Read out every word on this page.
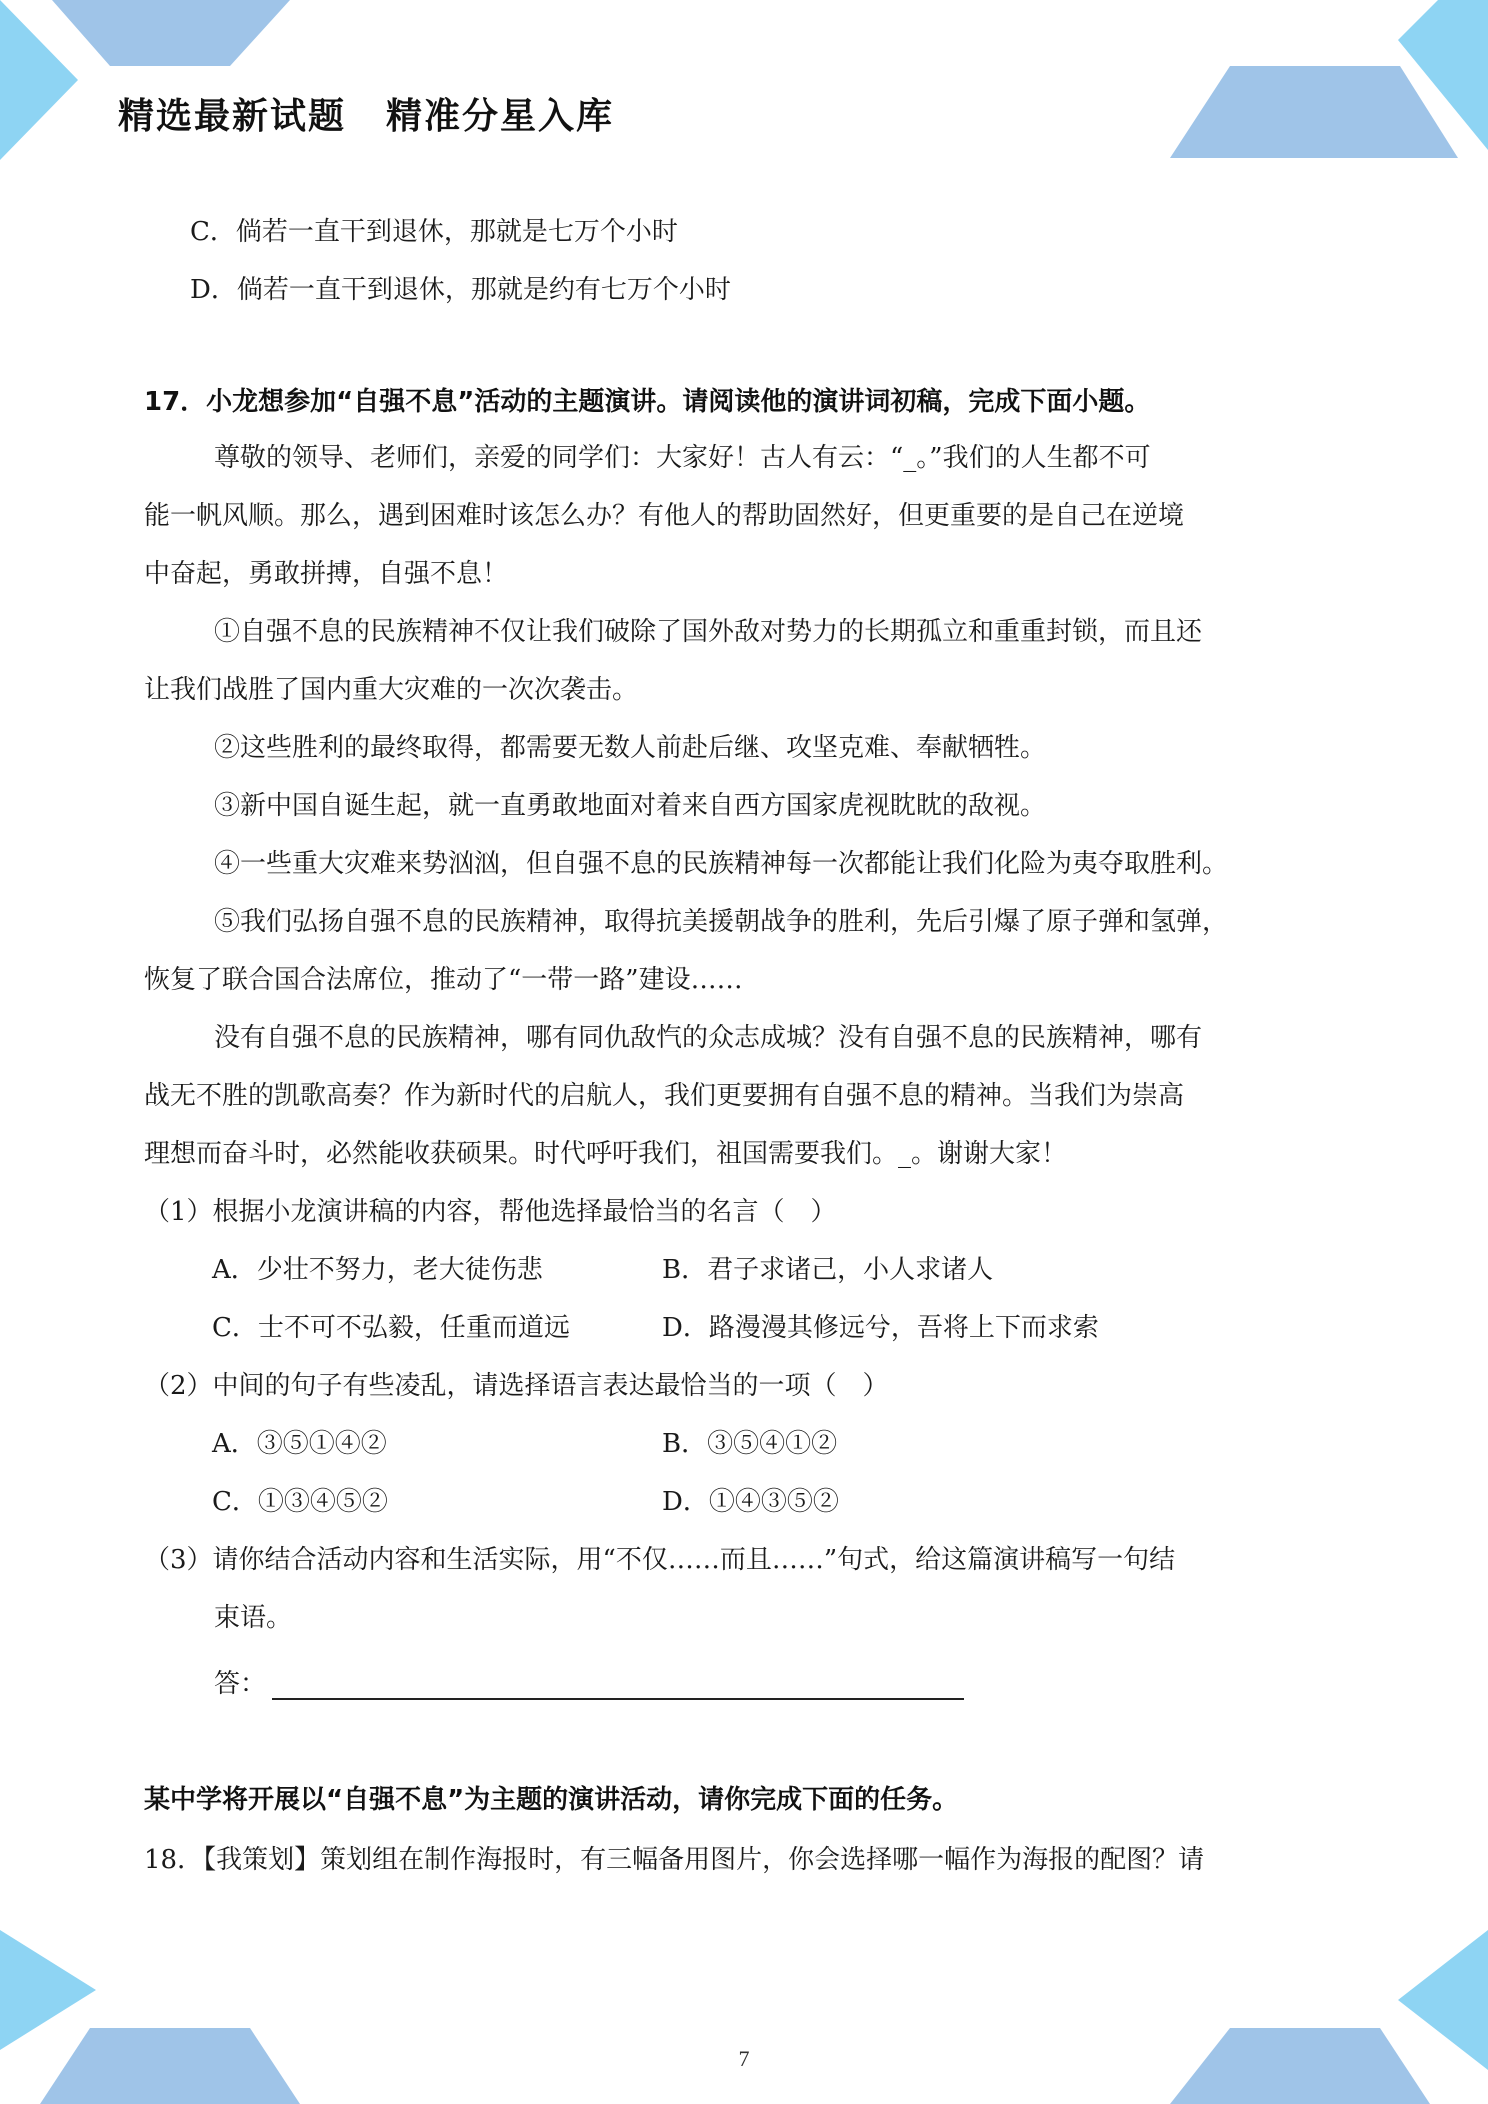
精选最新试题 精准分星入库
C．倘若一直干到退休，那就是七万个小时
D．倘若一直干到退休，那就是约有七万个小时
17．小龙想参加“自强不息”活动的主题演讲。请阅读他的演讲词初稿，完成下面小题。
尊敬的领导、老师们，亲爱的同学们：大家好！古人有云：“_。”我们的人生都不可
能一帆风顺。那么，遇到困难时该怎么办？有他人的帮助固然好，但更重要的是自己在逆境
中奋起，勇敢拼搏，自强不息！
①自强不息的民族精神不仅让我们破除了国外敌对势力的长期孤立和重重封锁，而且还
让我们战胜了国内重大灾难的一次次袭击。
②这些胜利的最终取得，都需要无数人前赴后继、攻坚克难、奉献牺牲。
③新中国自诞生起，就一直勇敢地面对着来自西方国家虎视眈眈的敌视。
④一些重大灾难来势汹汹，但自强不息的民族精神每一次都能让我们化险为夷夺取胜利。
⑤我们弘扬自强不息的民族精神，取得抗美援朝战争的胜利，先后引爆了原子弹和氢弹，
恢复了联合国合法席位，推动了“一带一路”建设……
没有自强不息的民族精神，哪有同仇敌忾的众志成城？没有自强不息的民族精神，哪有
战无不胜的凯歌高奏？作为新时代的启航人，我们更要拥有自强不息的精神。当我们为崇高
理想而奋斗时，必然能收获硕果。时代呼吁我们，祖国需要我们。_。谢谢大家！
（1）根据小龙演讲稿的内容，帮他选择最恰当的名言（　）
A．少壮不努力，老大徒伤悲	B．君子求诸己，小人求诸人
C．士不可不弘毅，任重而道远	D．路漫漫其修远兮，吾将上下而求索
（2）中间的句子有些凌乱，请选择语言表达最恰当的一项（　）
A．③⑤①④②	B．③⑤④①②
C．①③④⑤②	D．①④③⑤②
（3）请你结合活动内容和生活实际，用“不仅……而且……”句式，给这篇演讲稿写一句结
束语。
答：
某中学将开展以“自强不息”为主题的演讲活动，请你完成下面的任务。
18．【我策划】策划组在制作海报时，有三幅备用图片，你会选择哪一幅作为海报的配图？请
7
